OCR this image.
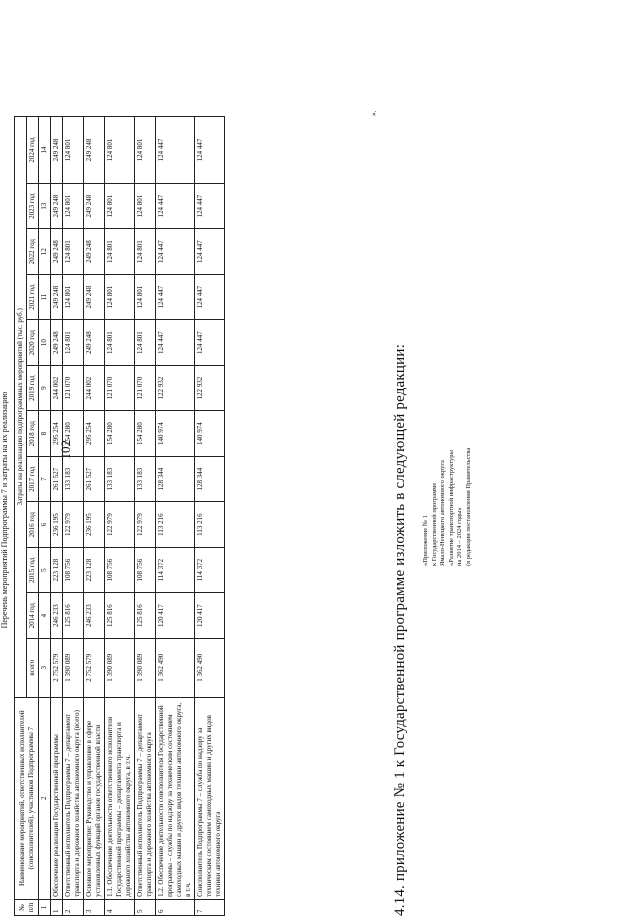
102
Перечень мероприятий Подпрограммы 7 и затраты на их реализацию
№ п/п	Наименование мероприятий, ответственных исполнителей (соисполнителей), участников Подпрограммы 7	Затраты на реализацию подпрограммных мероприятий (тыс. руб.)											
		всего	2014 год	2015 год	2016 год	2017 год	2018 год	2019 год	2020 год	2021 год	2022 год	2023 год	2024 год
1	2	3	4	5	6	7	8	9	10	11	12	13	14
1	Обеспечение реализации Государственной программы	2 752 579	246 233	223 128	236 195	261 527	295 254	244 002	249 248	249 248	249 248	249 248	249 248
2	Ответственный исполнитель Подпрограммы 7 – департамент транспорта и дорожного хозяйства автономного округа (всего)	1 390 089	125 816	108 756	122 979	133 183	154 280	121 070	124 801	124 801	124 801	124 801	124 801
3	Основное мероприятие: Руководство и управление в сфере установленных функций органов государственной власти	2 752 579	246 233	223 128	236 195	261 527	295 254	244 002	249 248	249 248	249 248	249 248	249 248
4	1.1. Обеспечение деятельности ответственного исполнителя Государственной программы – департамента транспорта и дорожного хозяйства автономного округа, в т.ч.	1 390 089	125 816	108 756	122 979	133 183	154 280	121 070	124 801	124 801	124 801	124 801	124 801
5	Ответственный исполнитель Подпрограммы 7 – департамент транспорта и дорожного хозяйства автономного округа	1 390 089	125 816	108 756	122 979	133 183	154 280	121 070	124 801	124 801	124 801	124 801	124 801
6	1.2. Обеспечение деятельности соисполнителя Государственной программы – службы по надзору за техническим состоянием самоходных машин и других видов техники автономного округа, в т.ч.	1 362 490	120 417	114 372	113 216	128 344	140 974	122 932	124 447	124 447	124 447	124 447	124 447
7	Соисполнитель Подпрограммы 7 – служба по надзору за техническим состоянием самоходных машин и других видов техники автономного округа	1 362 490	120 417	114 372	113 216	128 344	140 974	122 932	124 447	124 447	124 447	124 447	124 447
4.14. приложение № 1 к Государственной программе изложить в следующей редакции: «Приложение № 1 к Государственной программе Ямало-Ненецкого автономного округа «Развитие транспортной инфраструктуры на 2014 – 2024 годы» (в редакции постановления Правительства
».
